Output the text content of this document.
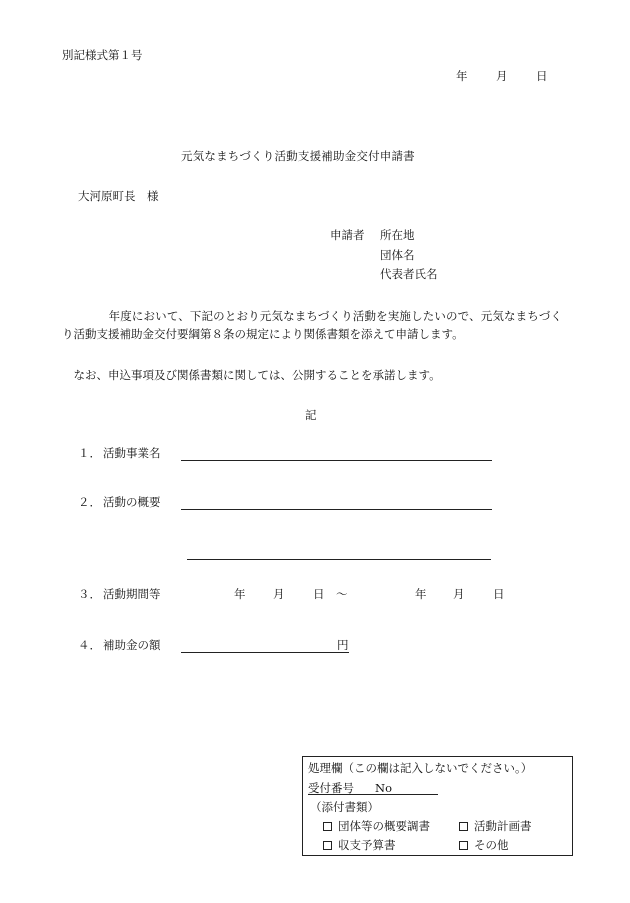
別記様式第１号
年 月 日
元気なまちづくり活動支援補助金交付申請書
大河原町長　様
申請者 所在地
団体名
代表者氏名
　　　　年度において、下記のとおり元気なまちづくり活動を実施したいので、元気なまちづくり活動支援補助金交付要綱第８条の規定により関係書類を添えて申請します。
　なお、申込事項及び関係書類に関しては、公開することを承諾します。
記
１． 活動事業名
２． 活動の概要
３． 活動期間等	年 月 日 ～	年 月 日
４． 補助金の額	円
処理欄（この欄は記入しないでください。）
受付番号 No
（添付書類）
団体等の概要調書	活動計画書
収支予算書	その他
